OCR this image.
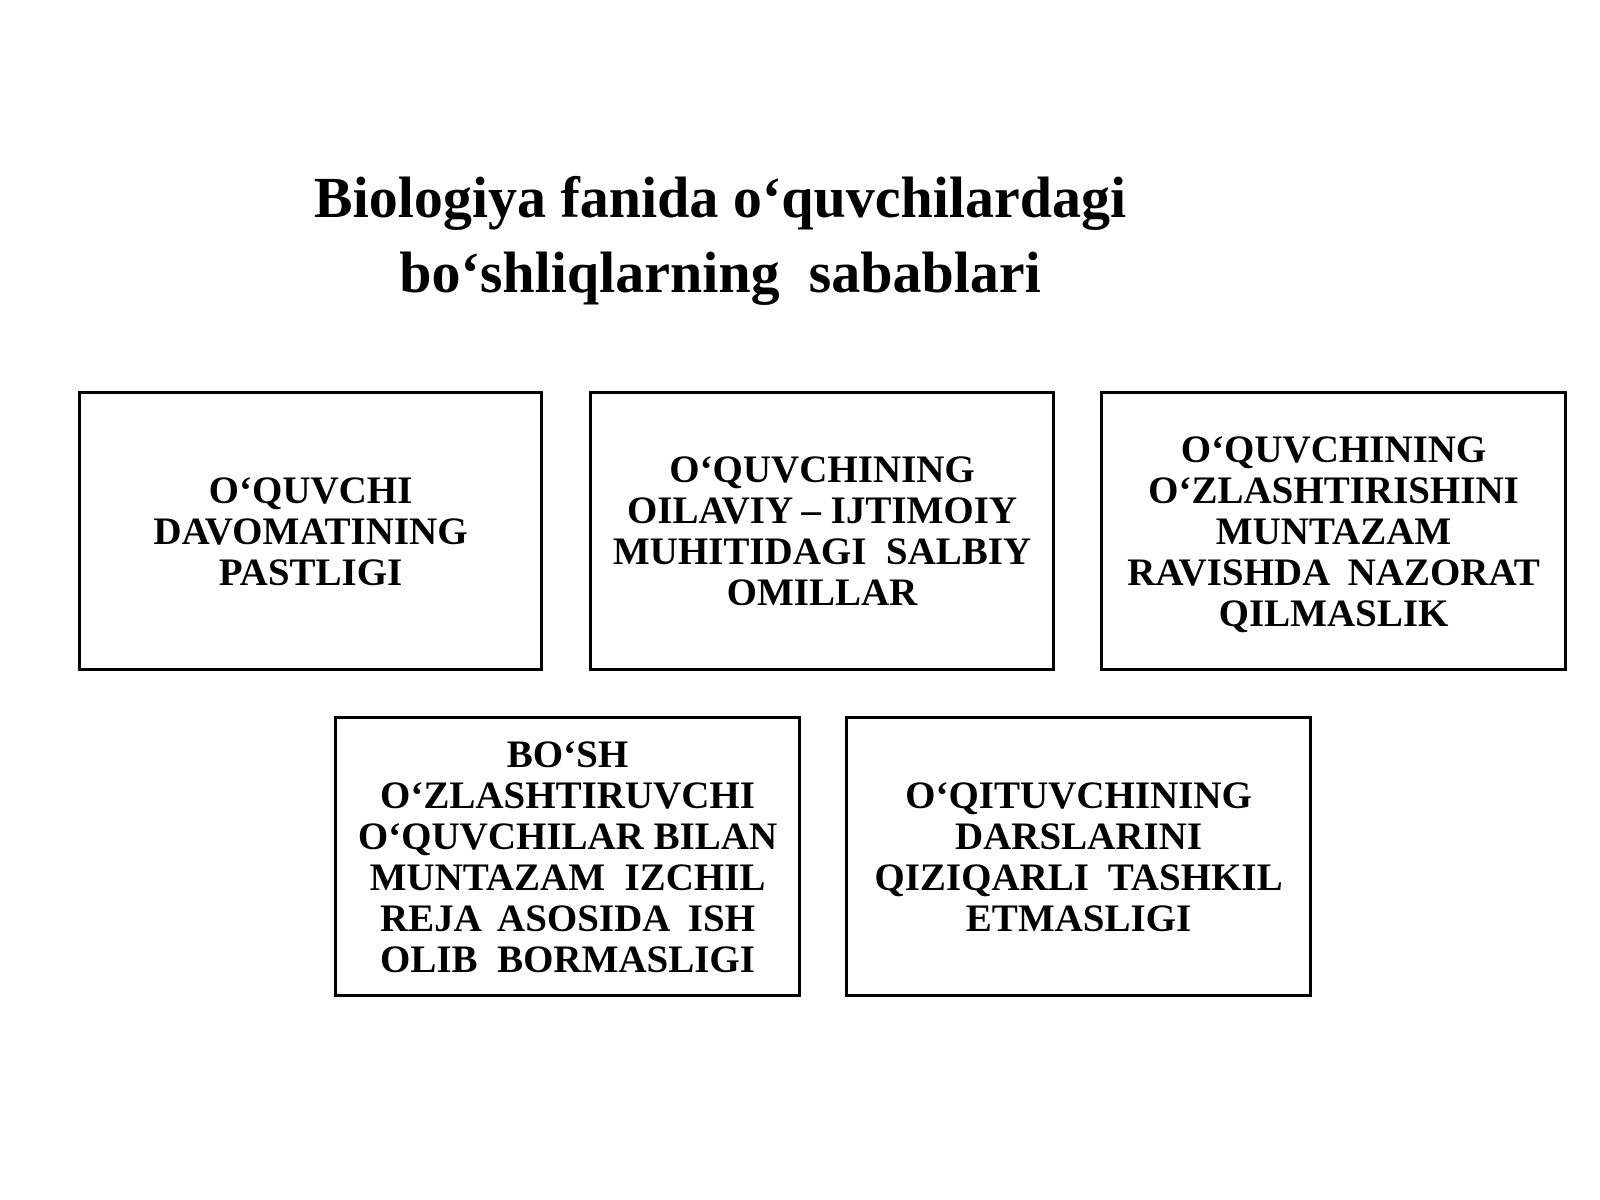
Biologiya fanida o‘quvchilardagi
bo‘shliqlarning  sabablari
O‘QUVCHI
DAVOMATINING
PASTLIGI
O‘QUVCHINING
OILAVIY – IJTIMOIY
MUHITIDAGI  SALBIY
OMILLAR
O‘QUVCHINING
O‘ZLASHTIRISHINI
MUNTAZAM
RAVISHDA  NAZORAT
QILMASLIK
BO‘SH
O‘ZLASHTIRUVCHI
O‘QUVCHILAR BILAN
MUNTAZAM  IZCHIL
REJA  ASOSIDA  ISH
OLIB  BORMASLIGI
O‘QITUVCHINING
DARSLARINI
QIZIQARLI  TASHKIL
ETMASLIGI
